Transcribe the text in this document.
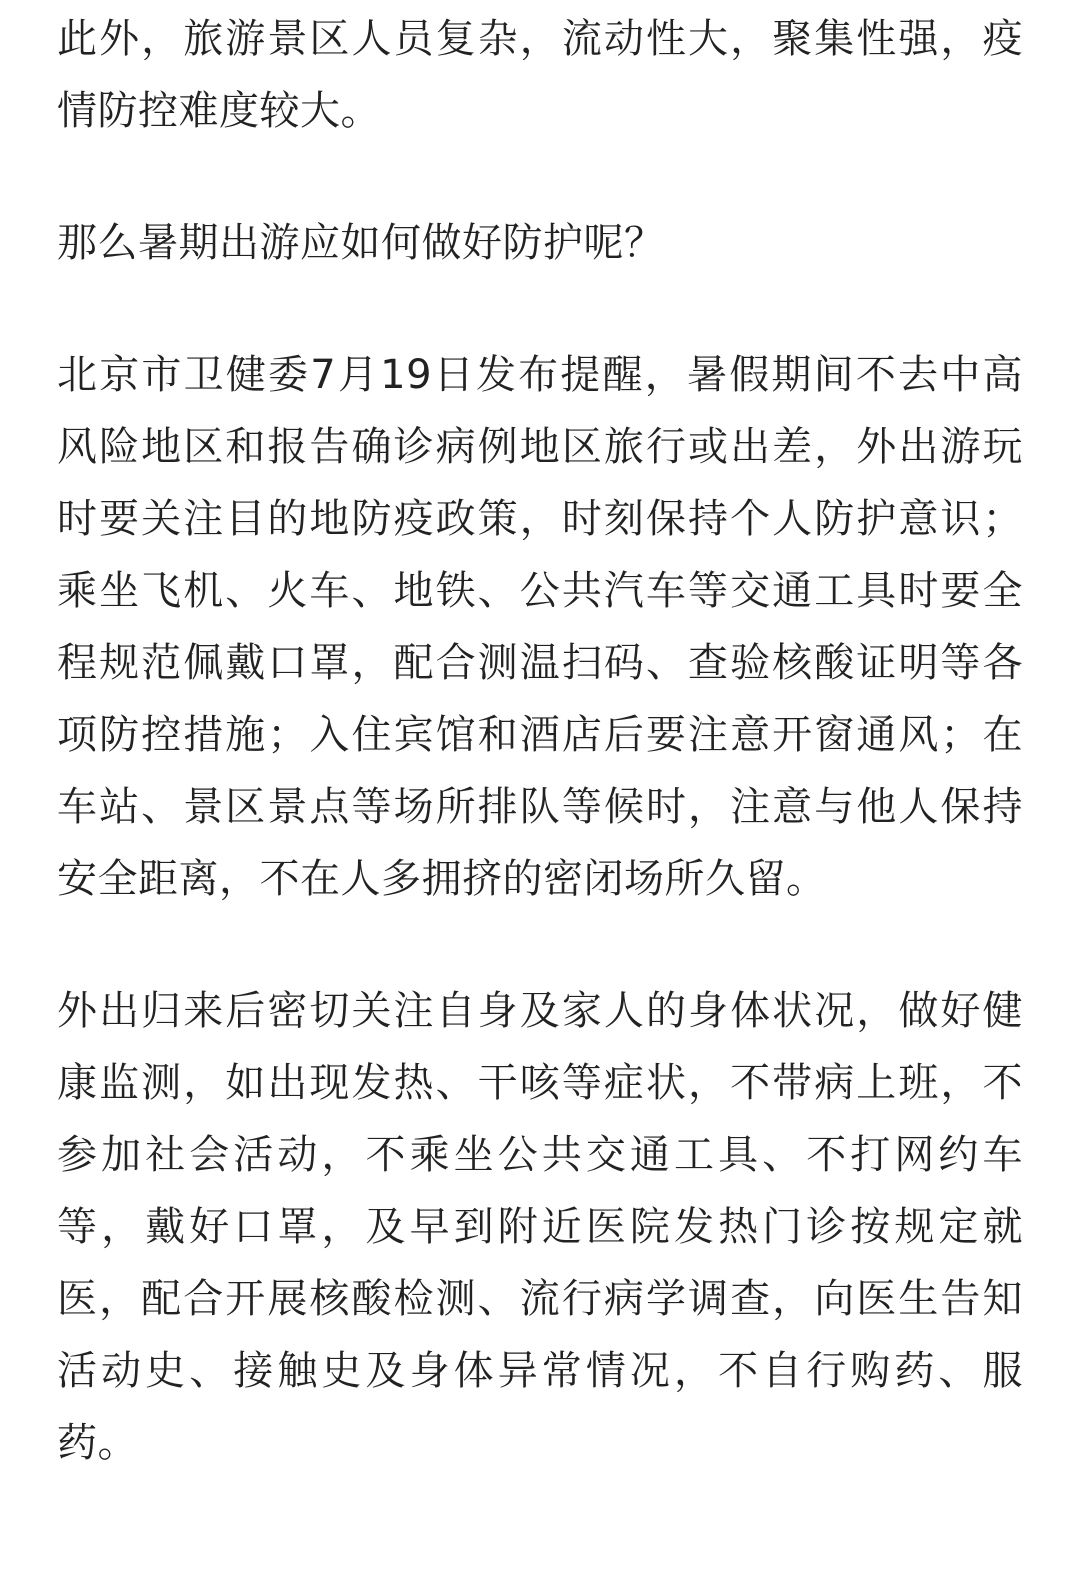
此外，旅游景区人员复杂，流动性大，聚集性强，疫情防控难度较大。

那么暑期出游应如何做好防护呢？

北京市卫健委7月19日发布提醒，暑假期间不去中高风险地区和报告确诊病例地区旅行或出差，外出游玩时要关注目的地防疫政策，时刻保持个人防护意识；乘坐飞机、火车、地铁、公共汽车等交通工具时要全程规范佩戴口罩，配合测温扫码、查验核酸证明等各项防控措施；入住宾馆和酒店后要注意开窗通风；在车站、景区景点等场所排队等候时，注意与他人保持安全距离，不在人多拥挤的密闭场所久留。

外出归来后密切关注自身及家人的身体状况，做好健康监测，如出现发热、干咳等症状，不带病上班，不参加社会活动，不乘坐公共交通工具、不打网约车等，戴好口罩，及早到附近医院发热门诊按规定就医，配合开展核酸检测、流行病学调查，向医生告知活动史、接触史及身体异常情况，不自行购药、服药。
